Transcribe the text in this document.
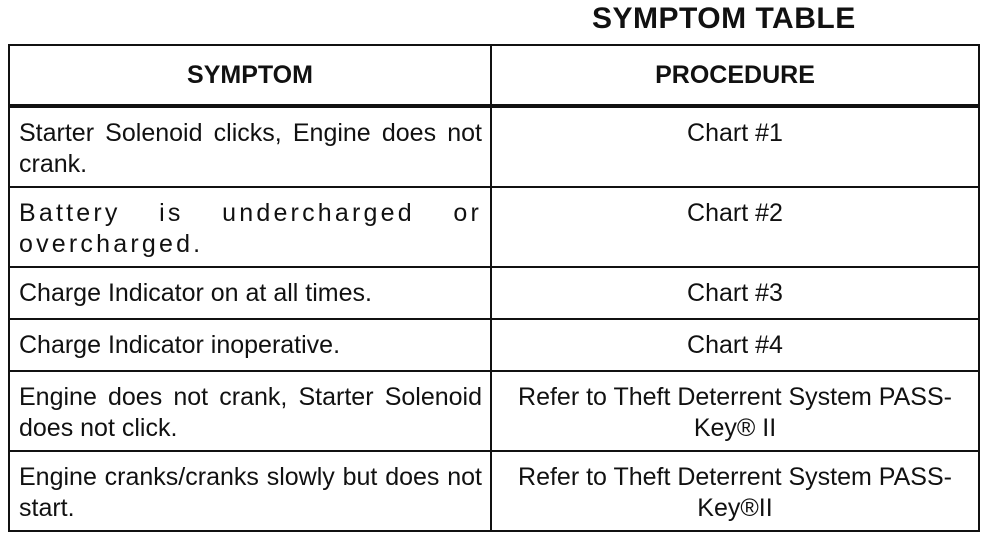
SYMPTOM TABLE
SYMPTOM	PROCEDURE
Starter Solenoid clicks, Engine does not crank.	Chart #1
Battery is undercharged or overcharged.	Chart #2
Charge Indicator on at all times.	Chart #3
Charge Indicator inoperative.	Chart #4
Engine does not crank, Starter Solenoid does not click.	Refer to Theft Deterrent System PASS-Key® II
Engine cranks/cranks slowly but does not start.	Refer to Theft Deterrent System PASS-Key®II
